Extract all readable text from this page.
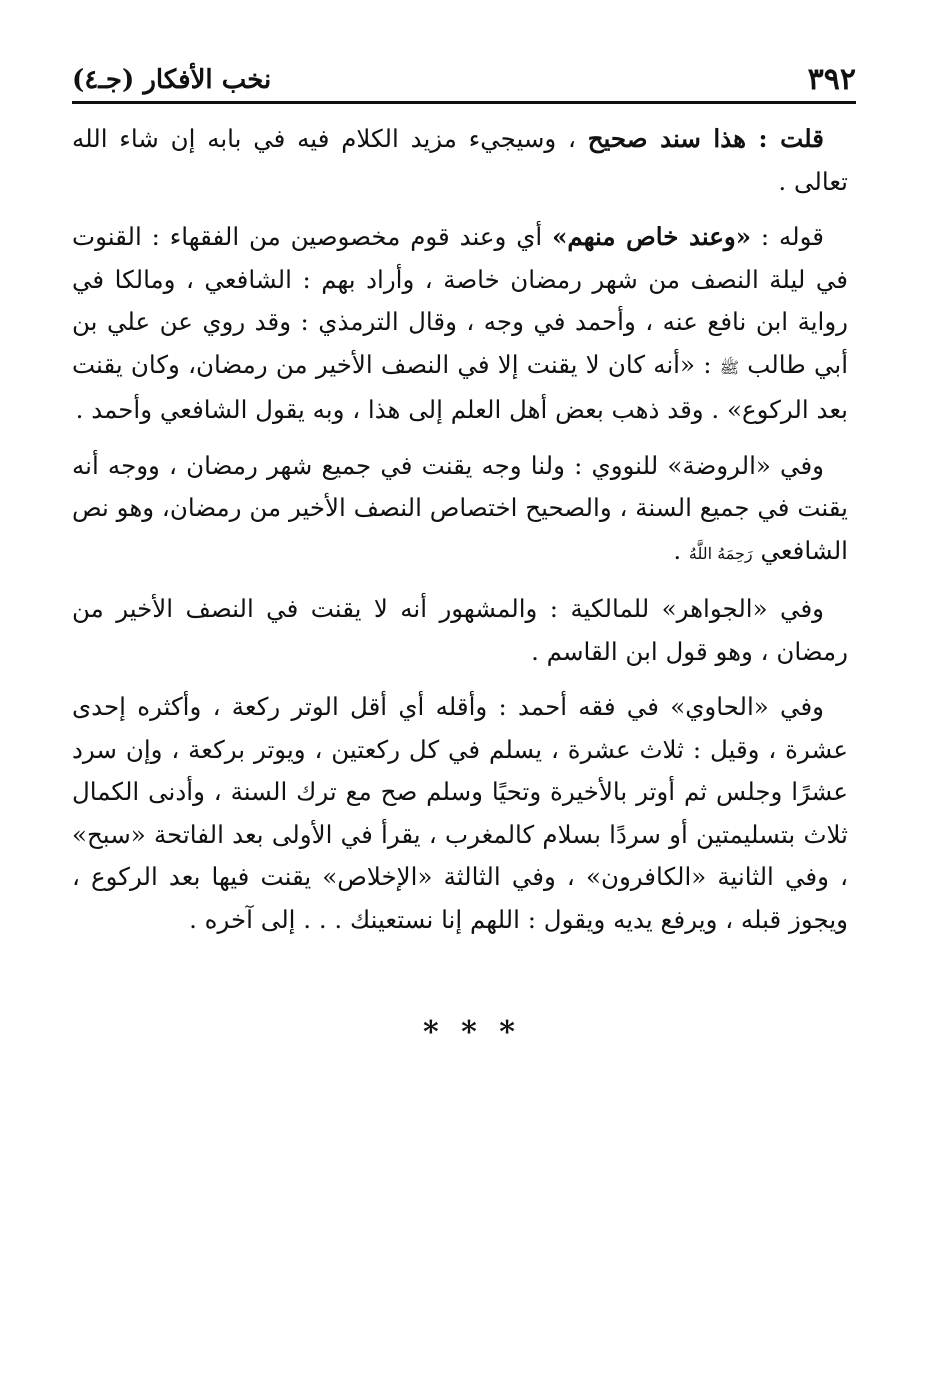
٣٩٢
نخب الأفكار (جـ٤)

قلت : هذا سند صحيح ، وسيجيء مزيد الكلام فيه في بابه إن شاء الله تعالى .

قوله : «وعند خاص منهم» أي وعند قوم مخصوصين من الفقهاء : القنوت في ليلة النصف من شهر رمضان خاصة ، وأراد بهم : الشافعي ، ومالكا في رواية ابن نافع عنه ، وأحمد في وجه ، وقال الترمذي : وقد روي عن علي بن أبي طالب ﷺ : «أنه كان لا يقنت إلا في النصف الأخير من رمضان، وكان يقنت بعد الركوع» . وقد ذهب بعض أهل العلم إلى هذا ، وبه يقول الشافعي وأحمد .

وفي «الروضة» للنووي : ولنا وجه يقنت في جميع شهر رمضان ، ووجه أنه يقنت في جميع السنة ، والصحيح اختصاص النصف الأخير من رمضان، وهو نص الشافعي رَحِمَهُ اللَّهُ .

وفي «الجواهر» للمالكية : والمشهور أنه لا يقنت في النصف الأخير من رمضان ، وهو قول ابن القاسم .

وفي «الحاوي» في فقه أحمد : وأقله أي أقل الوتر ركعة ، وأكثره إحدى عشرة ، وقيل : ثلاث عشرة ، يسلم في كل ركعتين ، ويوتر بركعة ، وإن سرد عشرًا وجلس ثم أوتر بالأخيرة وتحيًا وسلم صح مع ترك السنة ، وأدنى الكمال ثلاث بتسليمتين أو سردًا بسلام كالمغرب ، يقرأ في الأولى بعد الفاتحة «سبح» ، وفي الثانية «الكافرون» ، وفي الثالثة «الإخلاص» يقنت فيها بعد الركوع ، ويجوز قبله ، ويرفع يديه ويقول : اللهم إنا نستعينك . . . إلى آخره .

* * *
